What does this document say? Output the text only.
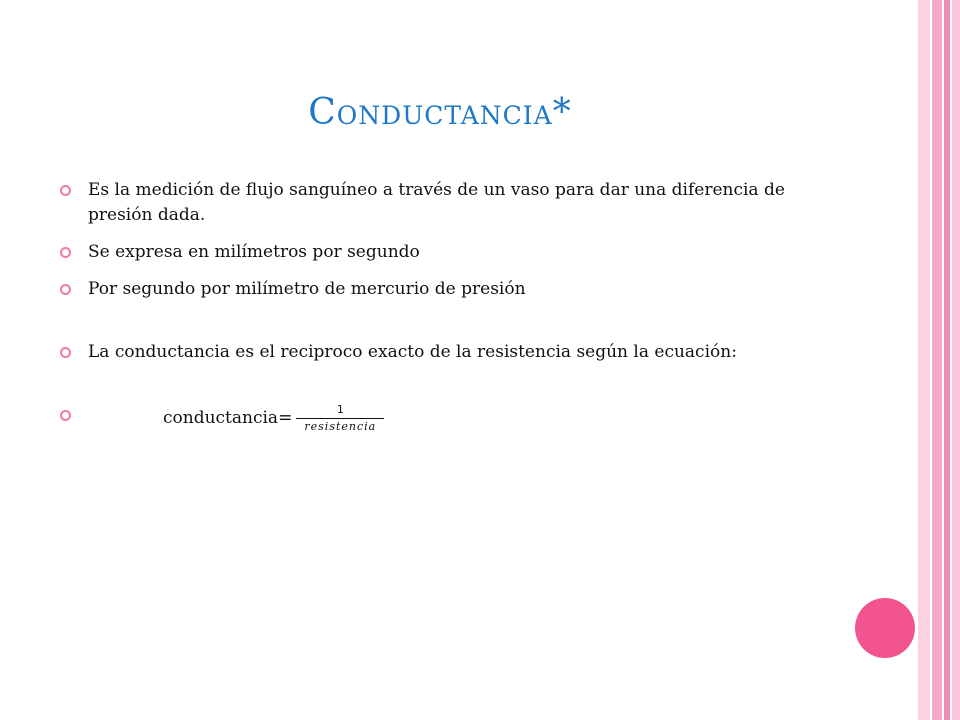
Conductancia*
Es la medición de flujo sanguíneo a través de un vaso para dar una diferencia de presión dada.
Se expresa en milímetros por segundo
Por segundo por milímetro de mercurio de presión
La conductancia es el reciproco exacto de la resistencia según la ecuación:
conductancia= $\frac{1}{\text{resistencia}}$
